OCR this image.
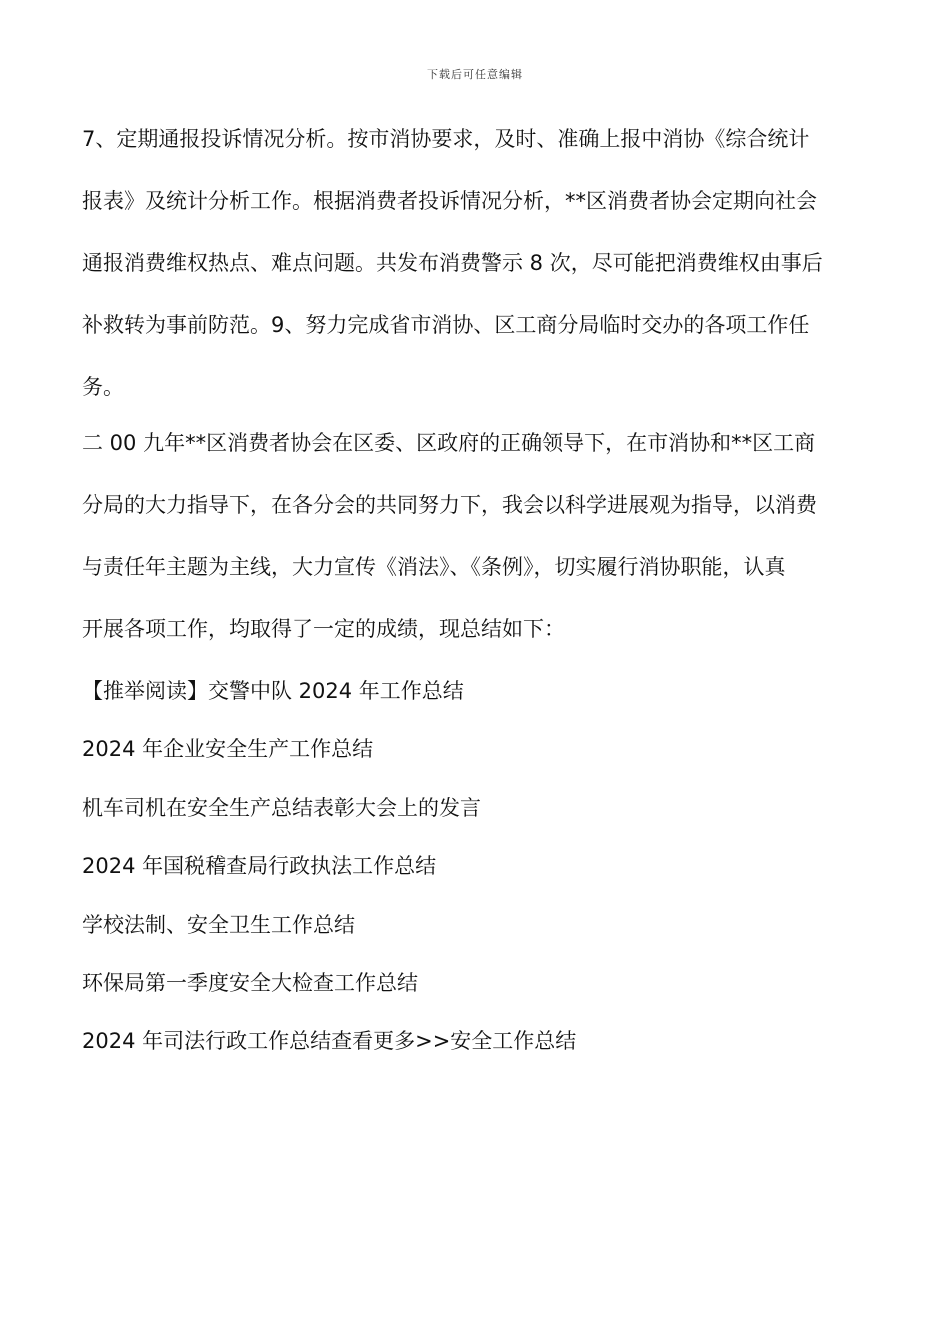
下载后可任意编辑
7、定期通报投诉情况分析。按市消协要求，及时、准确上报中消协《综合统计
报表》及统计分析工作。根据消费者投诉情况分析，**区消费者协会定期向社会
通报消费维权热点、难点问题。共发布消费警示 8 次，尽可能把消费维权由事后
补救转为事前防范。9、努力完成省市消协、区工商分局临时交办的各项工作任
务。
二 00 九年**区消费者协会在区委、区政府的正确领导下，在市消协和**区工商
分局的大力指导下，在各分会的共同努力下，我会以科学进展观为指导，以消费
与责任年主题为主线，大力宣传《消法》、《条例》，切实履行消协职能，认真
开展各项工作，均取得了一定的成绩，现总结如下：
【推举阅读】交警中队 2024 年工作总结
2024 年企业安全生产工作总结
机车司机在安全生产总结表彰大会上的发言
2024 年国税稽查局行政执法工作总结
学校法制、安全卫生工作总结
环保局第一季度安全大检查工作总结
2024 年司法行政工作总结查看更多>>安全工作总结
